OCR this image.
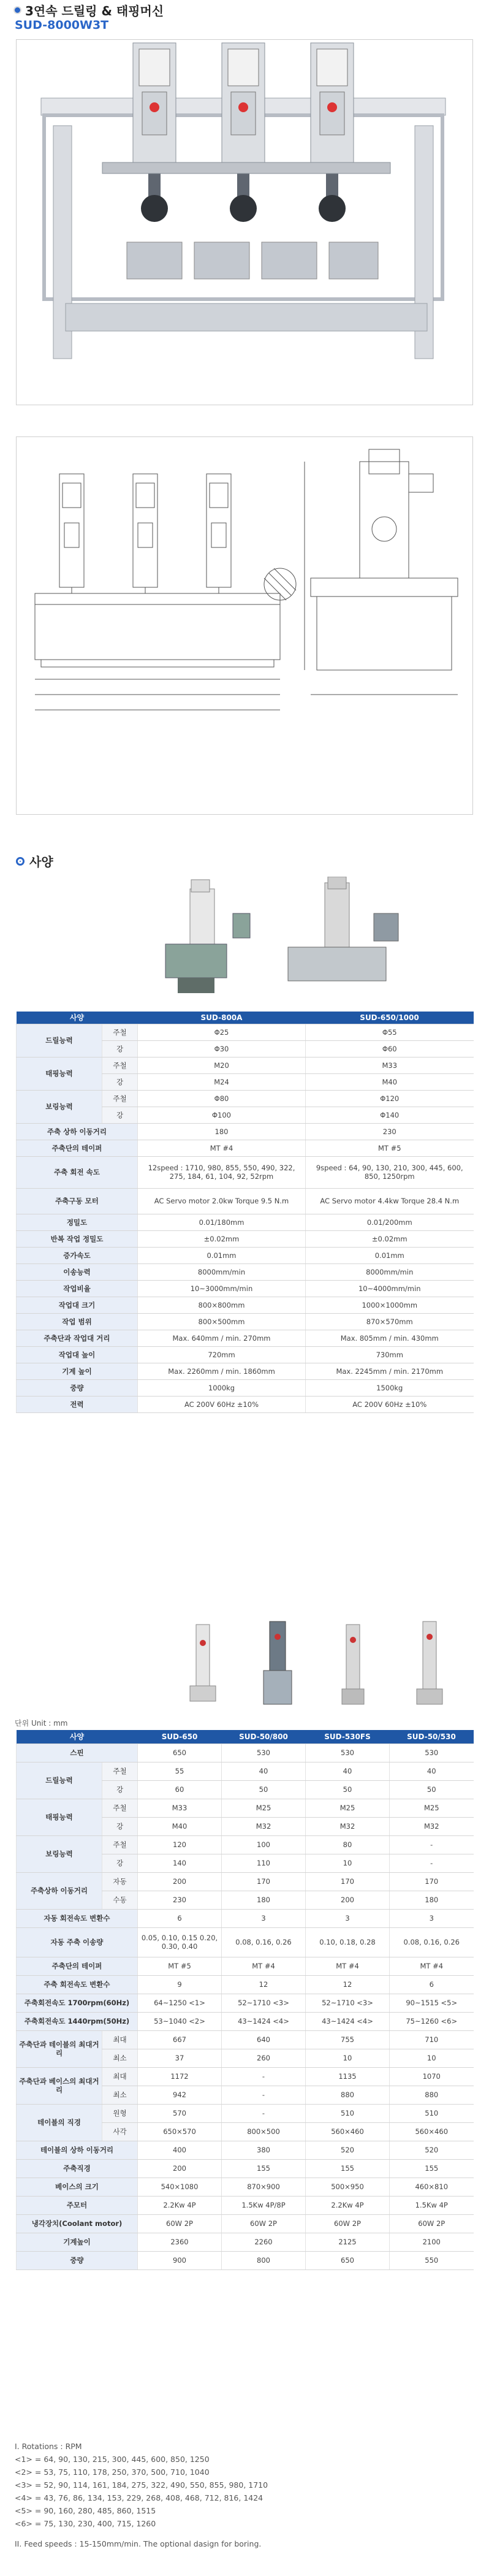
3연속 드릴링 & 태핑머신
SUD-8000W3T
사양
사양		SUD-800A	SUD-650/1000
드릴능력	주철	Φ25	Φ55
	강	Φ30	Φ60
태핑능력	주철	M20	M33
	강	M24	M40
보링능력	주철	Φ80	Φ120
	강	Φ100	Φ140
주축 상하 이동거리		180	230
주축단의 테이퍼		MT #4	MT #5
주축 회전 속도		12speed : 1710, 980, 855, 550, 490, 322, 275, 184, 61, 104, 92, 52rpm	9speed : 64, 90, 130, 210, 300, 445, 600, 850, 1250rpm
주축구동 모터		AC Servo motor 2.0kw Torque 9.5 N.m	AC Servo motor 4.4kw Torque 28.4 N.m
정밀도		0.01/180mm	0.01/200mm
반복 작업 정밀도		±0.02mm	±0.02mm
증가속도		0.01mm	0.01mm
이송능력		8000mm/min	8000mm/min
작업비율		10~3000mm/min	10~4000mm/min
작업대 크기		800×800mm	1000×1000mm
작업 범위		800×500mm	870×570mm
주축단과 작업대 거리		Max. 640mm / min. 270mm	Max. 805mm / min. 430mm
작업대 높이		720mm	730mm
기계 높이		Max. 2260mm / min. 1860mm	Max. 2245mm / min. 2170mm
중량		1000kg	1500kg
전력		AC 200V 60Hz ±10%	AC 200V 60Hz ±10%
단위 Unit : mm
사양		SUD-650	SUD-50/800	SUD-530FS	SUD-50/530
스핀		650	530	530	530
드릴능력	주철	55	40	40	40
	강	60	50	50	50
태핑능력	주철	M33	M25	M25	M25
	강	M40	M32	M32	M32
보링능력	주철	120	100	80	-
	강	140	110	10	-
주축상하 이동거리	자동	200	170	170	170
	수동	230	180	200	180
자동 회전속도 변환수		6	3	3	3
자동 주축 이송량		0.05, 0.10, 0.15 0.20, 0.30, 0.40	0.08, 0.16, 0.26	0.10, 0.18, 0.28	0.08, 0.16, 0.26
주축단의 테이퍼		MT #5	MT #4	MT #4	MT #4
주축 회전속도 변환수		9	12	12	6
주축회전속도 1700rpm(60Hz)		64~1250 <1>	52~1710 <3>	52~1710 <3>	90~1515 <5>
주축회전속도 1440rpm(50Hz)		53~1040 <2>	43~1424 <4>	43~1424 <4>	75~1260 <6>
주축단과 테이블의 최대거리	최대	667	640	755	710
	최소	37	260	10	10
주축단과 베이스의 최대거리	최대	1172	-	1135	1070
	최소	942	-	880	880
테이블의 직경	원형	570	-	510	510
	사각	650×570	800×500	560×460	560×460
테이블의 상하 이동거리		400	380	520	520
주축직경		200	155	155	155
베이스의 크기		540×1080	870×900	500×950	460×810
주모터		2.2Kw 4P	1.5Kw 4P/8P	2.2Kw 4P	1.5Kw 4P
냉각장치(Coolant motor)		60W 2P	60W 2P	60W 2P	60W 2P
기계높이		2360	2260	2125	2100
중량		900	800	650	550
I. Rotations : RPM
<1> = 64, 90, 130, 215, 300, 445, 600, 850, 1250
<2> = 53, 75, 110, 178, 250, 370, 500, 710, 1040
<3> = 52, 90, 114, 161, 184, 275, 322, 490, 550, 855, 980, 1710
<4> = 43, 76, 86, 134, 153, 229, 268, 408, 468, 712, 816, 1424
<5> = 90, 160, 280, 485, 860, 1515
<6> = 75, 130, 230, 400, 715, 1260
II. Feed speeds : 15-150mm/min. The optional dasign for boring.
